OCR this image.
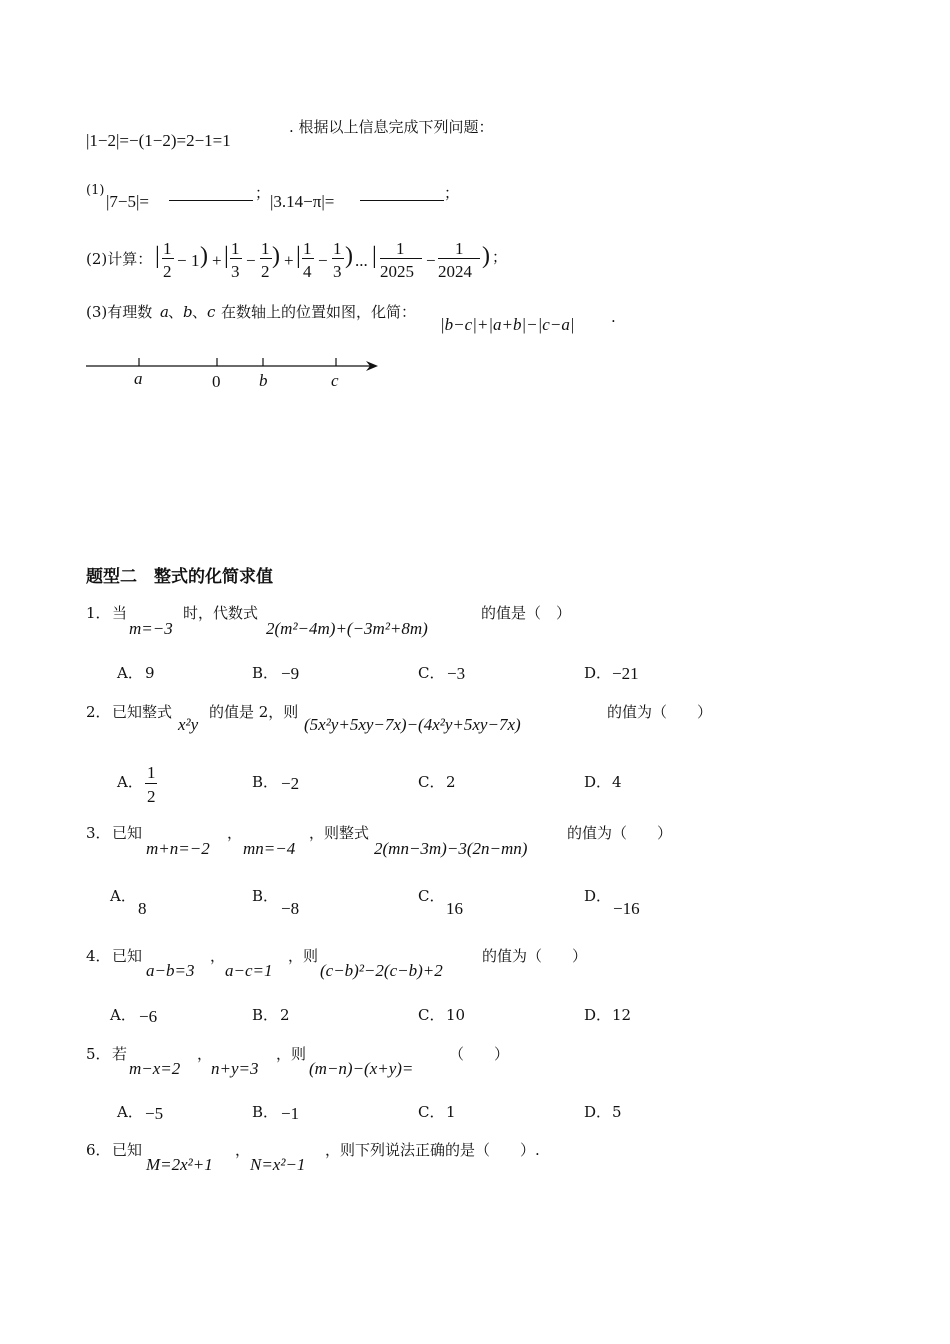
|1−2|=−(1−2)=2−1=1
. 根据以上信息完成下列问题：
(1)
|7−5|=	； |3.14−π|=	；
(2)计算： | 1
2
− 1 ) + | 1
3
−
1
2
) + | 1
4
−
1
3
) ... | 1
2025
−
1
2024
) ；
(3)有理数 a 、 b 、 c 在数轴上的位置如图，化简：
|b−c|+|a+b|−|c−a| .
a	0 b	c
题型二　整式的化简求值
1． 当
m=−3
时，代数式
2(m²−4m)+(−3m²+8m)
的值是（　）
A． 9	B． −9	C． −3	D． −21
2． 已知整式
x²y
的值是 2，则
(5x²y+5xy−7x)−(4x²y+5xy−7x)
的值为（　　）
A． 1
2
B． −2	C． 2	D． 4
3． 已知
m+n=−2
，
mn=−4
，则整式
2(mn−3m)−3(2n−mn)
的值为（　　）
A．
8
B．
−8
C．
16
D．
−16
4． 已知
a−b=3
，
a−c=1
，则
(c−b)²−2(c−b)+2
的值为（　　）
A． −6	B． 2	C． 10	D． 12
5． 若
m−x=2
，
n+y=3
，则
(m−n)−(x+y)=
（　　）
A． −5	B． −1	C． 1	D． 5
6． 已知
M=2x²+1
，
N=x²−1
，则下列说法正确的是（　　）.
